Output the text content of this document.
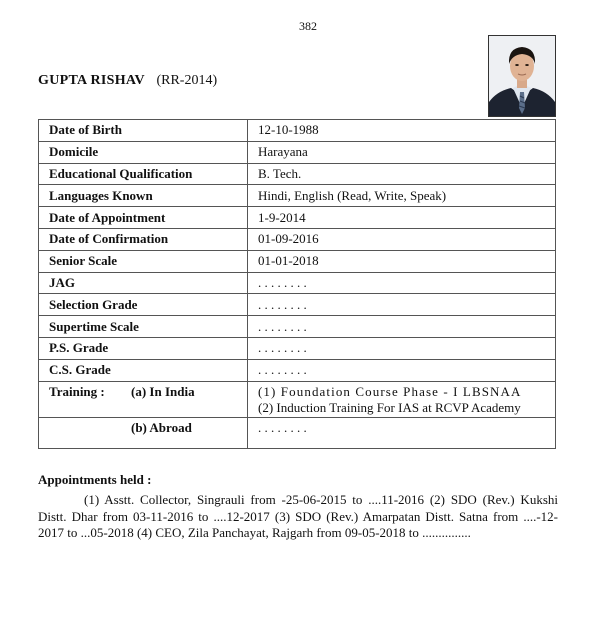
382
GUPTA RISHAV (RR-2014)
Date of Birth	12-10-1988
Domicile	Harayana
Educational Qualification	B. Tech.
Languages Known	Hindi, English (Read, Write, Speak)
Date of Appointment	1-9-2014
Date of Confirmation	01-09-2016
Senior Scale	01-01-2018
JAG	. . . . . . . .
Selection Grade	. . . . . . . .
Supertime Scale	. . . . . . . .
P.S. Grade	. . . . . . . .
C.S. Grade	. . . . . . . .

Training : (a) In India	(1) Foundation Course Phase - I LBSNAA
(2) Induction Training For IAS at RCVP Academy

(b) Abroad	. . . . . . . .
Appointments held :
(1) Asstt. Collector, Singrauli from -25-06-2015 to ....11-2016 (2) SDO (Rev.) Kukshi Distt. Dhar from 03-11-2016 to ....12-2017 (3) SDO (Rev.) Amarpatan Distt. Satna from ....-12-2017 to ...05-2018 (4) CEO, Zila Panchayat, Rajgarh from 09-05-2018 to ...............
